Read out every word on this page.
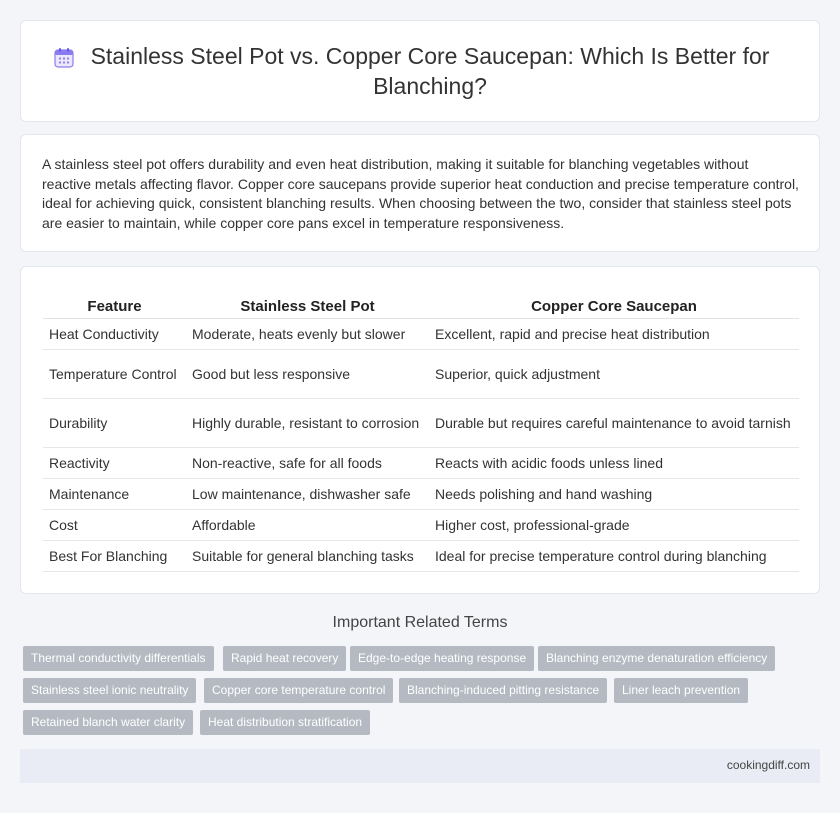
Stainless Steel Pot vs. Copper Core Saucepan: Which Is Better for Blanching?

A stainless steel pot offers durability and even heat distribution, making it suitable for blanching vegetables without reactive metals affecting flavor. Copper core saucepans provide superior heat conduction and precise temperature control, ideal for achieving quick, consistent blanching results. When choosing between the two, consider that stainless steel pots are easier to maintain, while copper core pans excel in temperature responsiveness.

Feature	Stainless Steel Pot	Copper Core Saucepan
Heat Conductivity	Moderate, heats evenly but slower	Excellent, rapid and precise heat distribution
Temperature Control	Good but less responsive	Superior, quick adjustment
Durability	Highly durable, resistant to corrosion	Durable but requires careful maintenance to avoid tarnish
Reactivity	Non-reactive, safe for all foods	Reacts with acidic foods unless lined
Maintenance	Low maintenance, dishwasher safe	Needs polishing and hand washing
Cost	Affordable	Higher cost, professional-grade
Best For Blanching	Suitable for general blanching tasks	Ideal for precise temperature control during blanching
Important Related Terms
Thermal conductivity differentials	Rapid heat recovery	Edge-to-edge heating response	Blanching enzyme denaturation efficiency
Stainless steel ionic neutrality	Copper core temperature control	Blanching-induced pitting resistance	Liner leach prevention
Retained blanch water clarity	Heat distribution stratification
cookingdiff.com
